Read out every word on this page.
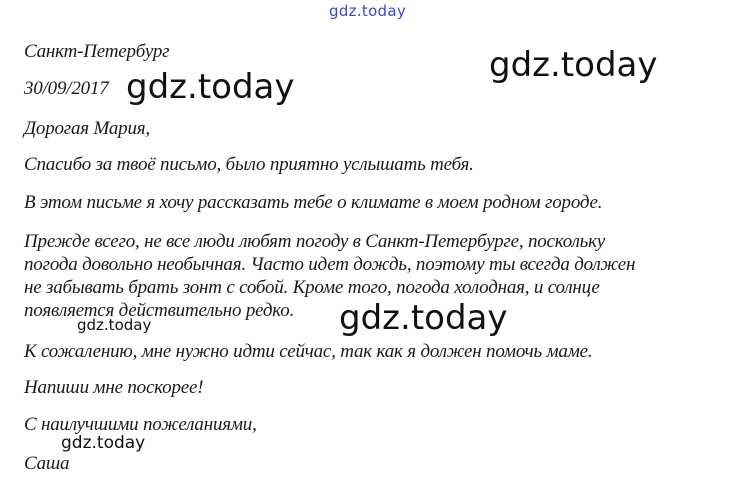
Санкт-Петербург
30/09/2017
Дорогая Мария,
Спасибо за твоё письмо, было приятно услышать тебя.
В этом письме я хочу рассказать тебе о климате в моем родном городе.
Прежде всего, не все люди любят погоду в Санкт-Петербурге, поскольку
погода довольно необычная. Часто идет дождь, поэтому ты всегда должен
не забывать брать зонт с собой. Кроме того, погода холодная, и солнце
появляется действительно редко.
К сожалению, мне нужно идти сейчас, так как я должен помочь маме.
Напиши мне поскорее!
С наилучшими пожеланиями,
Саша
gdz.today
gdz.today
gdz.today
gdz.today
gdz.today
gdz.today
